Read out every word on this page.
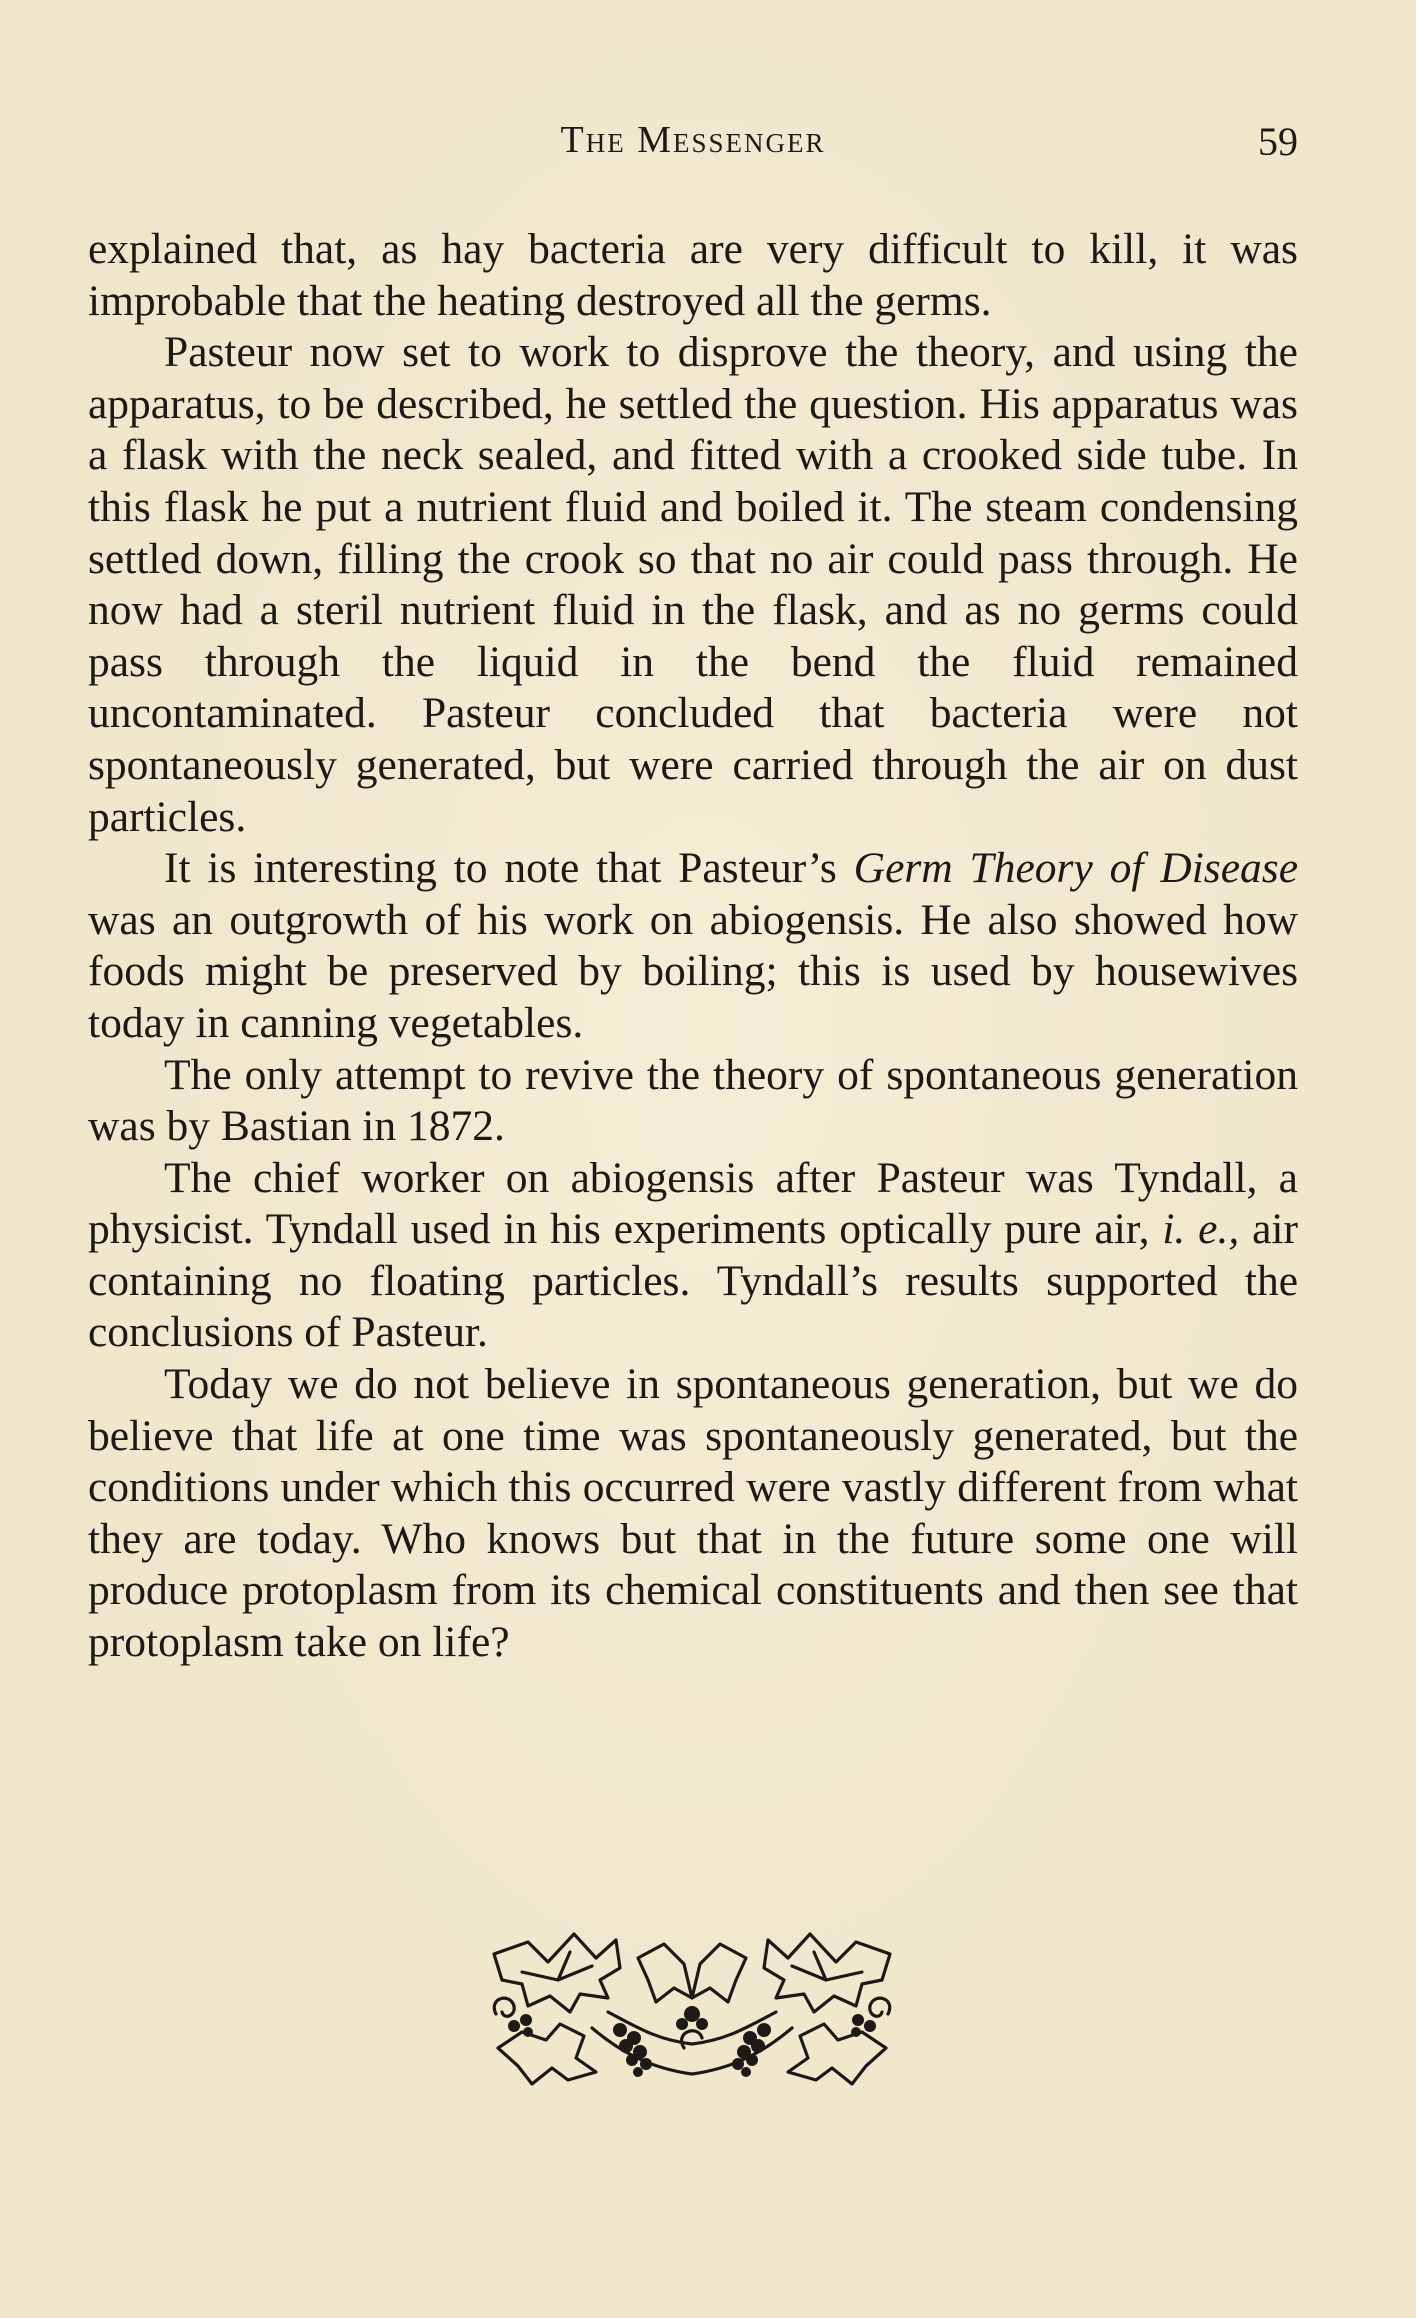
The Messenger	59

explained that, as hay bacteria are very difficult to kill, it was improbable that the heating destroyed all the germs.

Pasteur now set to work to disprove the theory, and using the apparatus, to be described, he settled the question. His apparatus was a flask with the neck sealed, and fitted with a crooked side tube. In this flask he put a nutrient fluid and boiled it. The steam condensing settled down, filling the crook so that no air could pass through. He now had a steril nutrient fluid in the flask, and as no germs could pass through the liquid in the bend the fluid remained uncontaminated. Pasteur concluded that bacteria were not spontaneously generated, but were carried through the air on dust particles.

It is interesting to note that Pasteur’s Germ Theory of Disease was an outgrowth of his work on abiogensis. He also showed how foods might be preserved by boiling; this is used by housewives today in canning vegetables.

The only attempt to revive the theory of spontaneous generation was by Bastian in 1872.

The chief worker on abiogensis after Pasteur was Tyndall, a physicist. Tyndall used in his experiments optically pure air, i. e., air containing no floating particles. Tyndall’s results supported the conclusions of Pasteur.

Today we do not believe in spontaneous generation, but we do believe that life at one time was spontaneously generated, but the conditions under which this occurred were vastly different from what they are today. Who knows but that in the future some one will produce protoplasm from its chemical constituents and then see that protoplasm take on life?
